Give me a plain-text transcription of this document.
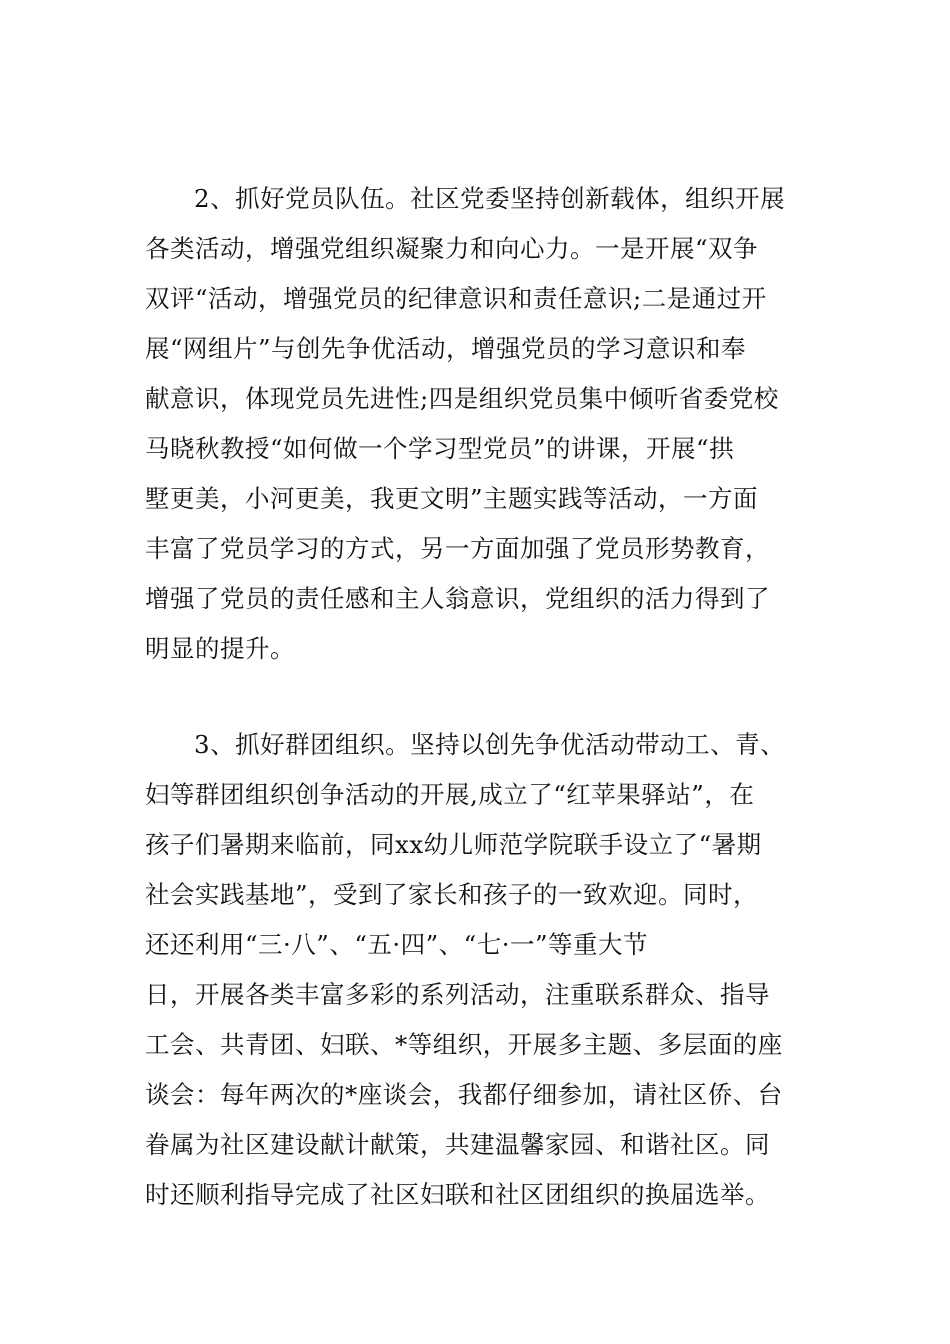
2、抓好党员队伍。社区党委坚持创新载体，组织开展
各类活动，增强党组织凝聚力和向心力。一是开展“双争
双评“活动，增强党员的纪律意识和责任意识;二是通过开
展“网组片”与创先争优活动，增强党员的学习意识和奉
献意识，体现党员先进性;四是组织党员集中倾听省委党校
马晓秋教授“如何做一个学习型党员”的讲课，开展“拱
墅更美，小河更美，我更文明”主题实践等活动，一方面
丰富了党员学习的方式，另一方面加强了党员形势教育，
增强了党员的责任感和主人翁意识，党组织的活力得到了
明显的提升。

3、抓好群团组织。坚持以创先争优活动带动工、青、
妇等群团组织创争活动的开展,成立了“红苹果驿站”，在
孩子们暑期来临前，同xx幼儿师范学院联手设立了“暑期
社会实践基地”，受到了家长和孩子的一致欢迎。同时，
还还利用“三·八”、“五·四”、“七·一”等重大节
日，开展各类丰富多彩的系列活动，注重联系群众、指导
工会、共青团、妇联、*等组织，开展多主题、多层面的座
谈会：每年两次的*座谈会，我都仔细参加，请社区侨、台
眷属为社区建设献计献策，共建温馨家园、和谐社区。同
时还顺利指导完成了社区妇联和社区团组织的换届选举。
